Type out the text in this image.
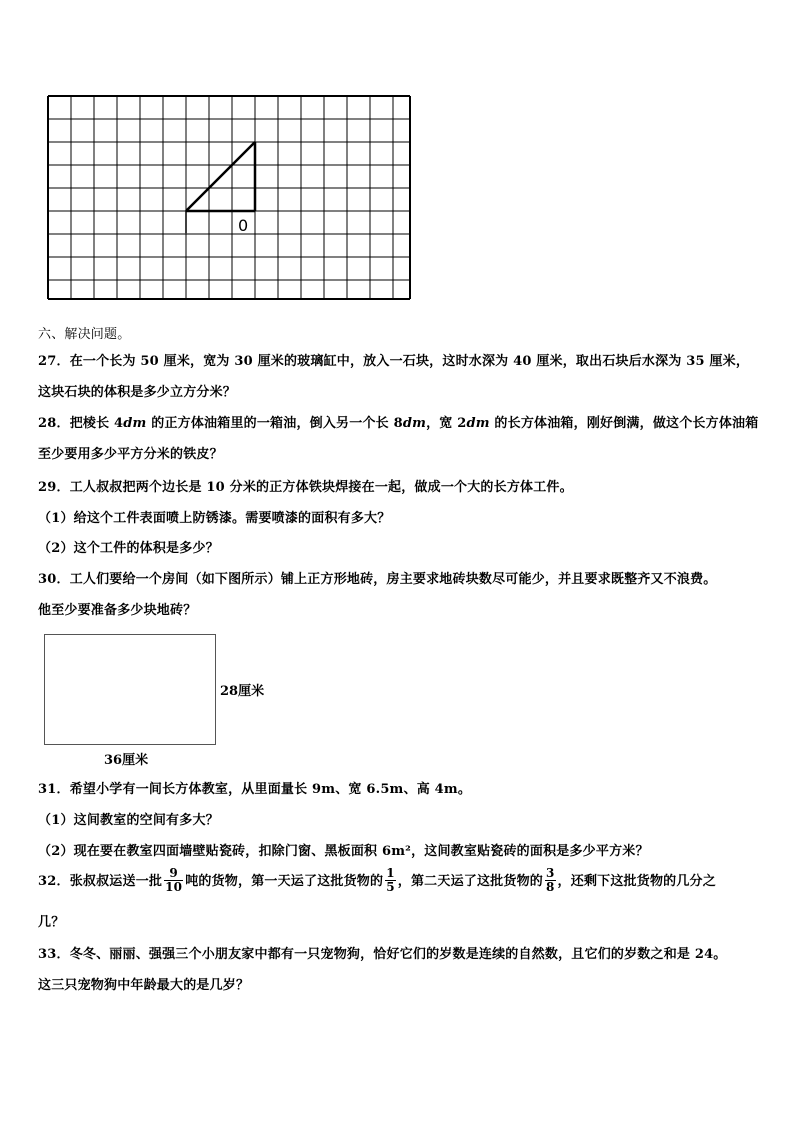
0
六、解决问题。
27．在一个长为 50 厘米，宽为 30 厘米的玻璃缸中，放入一石块，这时水深为 40 厘米，取出石块后水深为 35 厘米，
这块石块的体积是多少立方分米？
28．把棱长 4dm 的正方体油箱里的一箱油，倒入另一个长 8dm，宽 2dm 的长方体油箱，刚好倒满，做这个长方体油箱
至少要用多少平方分米的铁皮？
29．工人叔叔把两个边长是 10 分米的正方体铁块焊接在一起，做成一个大的长方体工件。
（1）给这个工件表面喷上防锈漆。需要喷漆的面积有多大？
（2）这个工件的体积是多少？
30．工人们要给一个房间（如下图所示）铺上正方形地砖，房主要求地砖块数尽可能少，并且要求既整齐又不浪费。
他至少要准备多少块地砖？
28厘米
36厘米
31．希望小学有一间长方体教室，从里面量长 9m、宽 6.5m、高 4m。
（1）这间教室的空间有多大？
（2）现在要在教室四面墙壁贴瓷砖，扣除门窗、黑板面积 6m²，这间教室贴瓷砖的面积是多少平方米？
32．张叔叔运送一批 $\frac{9}{10}$ 吨的货物，第一天运了这批货物的 $\frac{1}{5}$ ，第二天运了这批货物的 $\frac{3}{8}$ ，还剩下这批货物的几分之
几？
33．冬冬、丽丽、强强三个小朋友家中都有一只宠物狗，恰好它们的岁数是连续的自然数，且它们的岁数之和是 24。
这三只宠物狗中年龄最大的是几岁？
